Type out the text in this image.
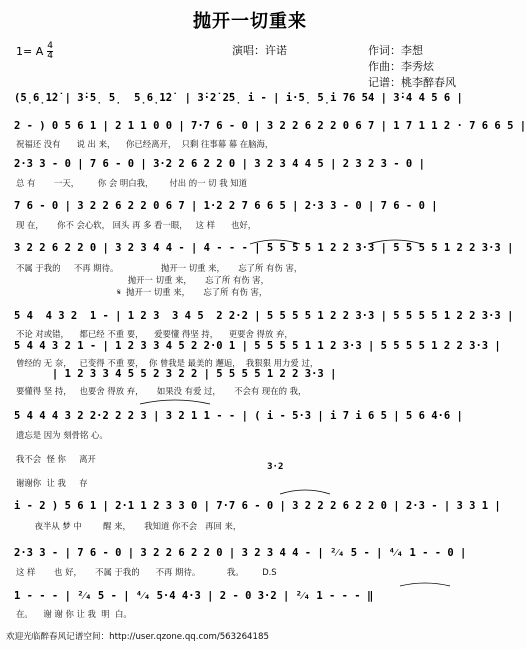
抛开一切重来
1= A $\frac{4}{4}$	演唱：许诺	作词：李想
作曲：李秀炫
记谱：桃李醉春风
(5̣6̣1̇2̇ | 3̇·5̣ 5̣  5̣6̣1̇2̇  | 3̇·2̇ 2̇5̣ i - | i·5̣ 5̣i 76 54 | 3̇·4 4 5 6 |
2 - ) 0 5 6 1 | 2 1 1 0 0 | 7·7 6 - 0 | 3 2 2 6 2 2 0 6 7 | 1 7 1 1 2 · 7 6 6 5 |
祝福还 没有      说 出 来，    你已经离开，  只剩 往事幕 幕 在脑海，
2·3 3 - 0 | 7 6 - 0 | 3·2 2 6 2 2 0 | 3 2 3 4 4 5 | 2 3 2 3 - 0 |
总 有       一天，       你 会 明白我，      付出 的一 切 我 知道
7 6 - 0 | 3 2 2 6 2 2 0 6 7 | 1·2 2 7 6 6 5 | 2·3 3 - 0 | 7 6 - 0 |
现 在，     你不 会心软， 回头 再 多 看一眼，   这 样      也好，
3 2 2 6 2 2 0 | 3 2 3 4 4 - | 4 - - - | 5 5 5 5 1 2 2 3·3 | 5 5 5 5 1 2 2 3·3 |
不属 于我的     不再 期待。                抛开一 切重 来，     忘了所 有伤 害，
抛开一 切重 来，     忘了所 有伤 害，
𝄋  抛开一 切重 来，     忘了所 有伤 害，
5 4  4 3 2  1 - | 1 2 3  3 4 5  2 2·2 | 5 5 5 5 1 2 2 3·3 | 5 5 5 5 1 2 2 3·3 |
不论 对或错，    都已经 不重 要，    爱要懂 得坚 持，    更要舍 得放 弃，
5 4 4 3 2 1 - | 1 2 3 3 4 5 2 2·0 1 | 5 5 5 5 1 1 2 3·3 | 5 5 5 5 1 2 2 3·3 |
曾经的 无 奈，   已变得 不重 要，  你 曾我是 最美的 邂逅，  我狠狠 用力爱 过，
| 1 2 3 3 4 5 5 2 3 2 2 | 5 5 5 5 1 2 2 3·3 |
要懂得 坚 持，   也要舍 得放 弃，     如果没 有爱 过，     不会有 现在的 我，
5 4 4 4 3 2 2·2 2 2 3 | 3 2 1 1 - - | ( i - 5·3 | i 7 i 6 5 | 5 6 4·6 |
遗忘是 因为 刻骨铭 心。
我不会  怪 你     离开
3·2
谢谢你  让 我     存
i - 2 ) 5 6 1 | 2·1 1 2 3 3 0 | 7·7 6 - 0 | 3 2 2 2 6 2 2 0 | 2·3 - | 3 3 1 |
夜半从 梦 中        醒 来，     我知道 你不会   再回 来，
2·3 3 - | 7 6 - 0 | 3 2 2 6 2 2 0 | 3 2 3 4 4 - | ²⁄₄ 5 - | ⁴⁄₄ 1 - - 0 |
这 样       也 好，     不属 于我的      不再 期待。          我。       D.S
1 - - - | ²⁄₄ 5 - | ⁴⁄₄ 5·4 4·3 | 2 - 0 3·2 | ²⁄₄ 1 - - - ‖
在。    谢 谢 你 让 我  明  白。
欢迎光临醉春风记谱空间：http://user.qzone.qq.com/563264185
